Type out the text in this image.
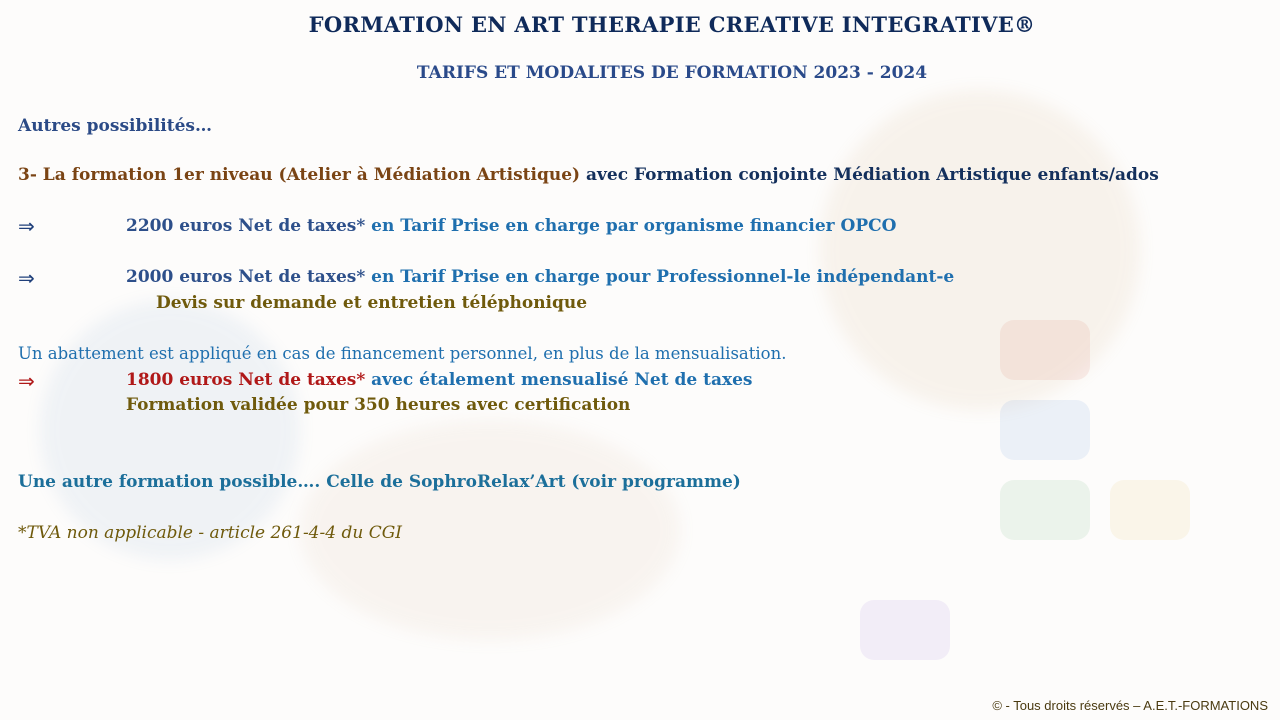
FORMATION EN ART THERAPIE CREATIVE INTEGRATIVE®
TARIFS ET MODALITES DE FORMATION 2023 - 2024
Autres possibilités…
3- La formation 1er niveau (Atelier à Médiation Artistique) avec Formation conjointe Médiation Artistique enfants/ados
⇒	2200 euros Net de taxes* en Tarif Prise en charge par organisme financier OPCO
⇒	2000 euros Net de taxes* en Tarif Prise en charge pour Professionnel-le indépendant-e
Devis sur demande et entretien téléphonique
Un abattement est appliqué en cas de financement personnel, en plus de la mensualisation.
⇒	1800 euros Net de taxes* avec étalement mensualisé Net de taxes
Formation validée pour 350 heures avec certification
Une autre formation possible…. Celle de SophroRelax’Art (voir programme)
*TVA non applicable - article 261-4-4 du CGI
© - Tous droits réservés – A.E.T.-FORMATIONS
